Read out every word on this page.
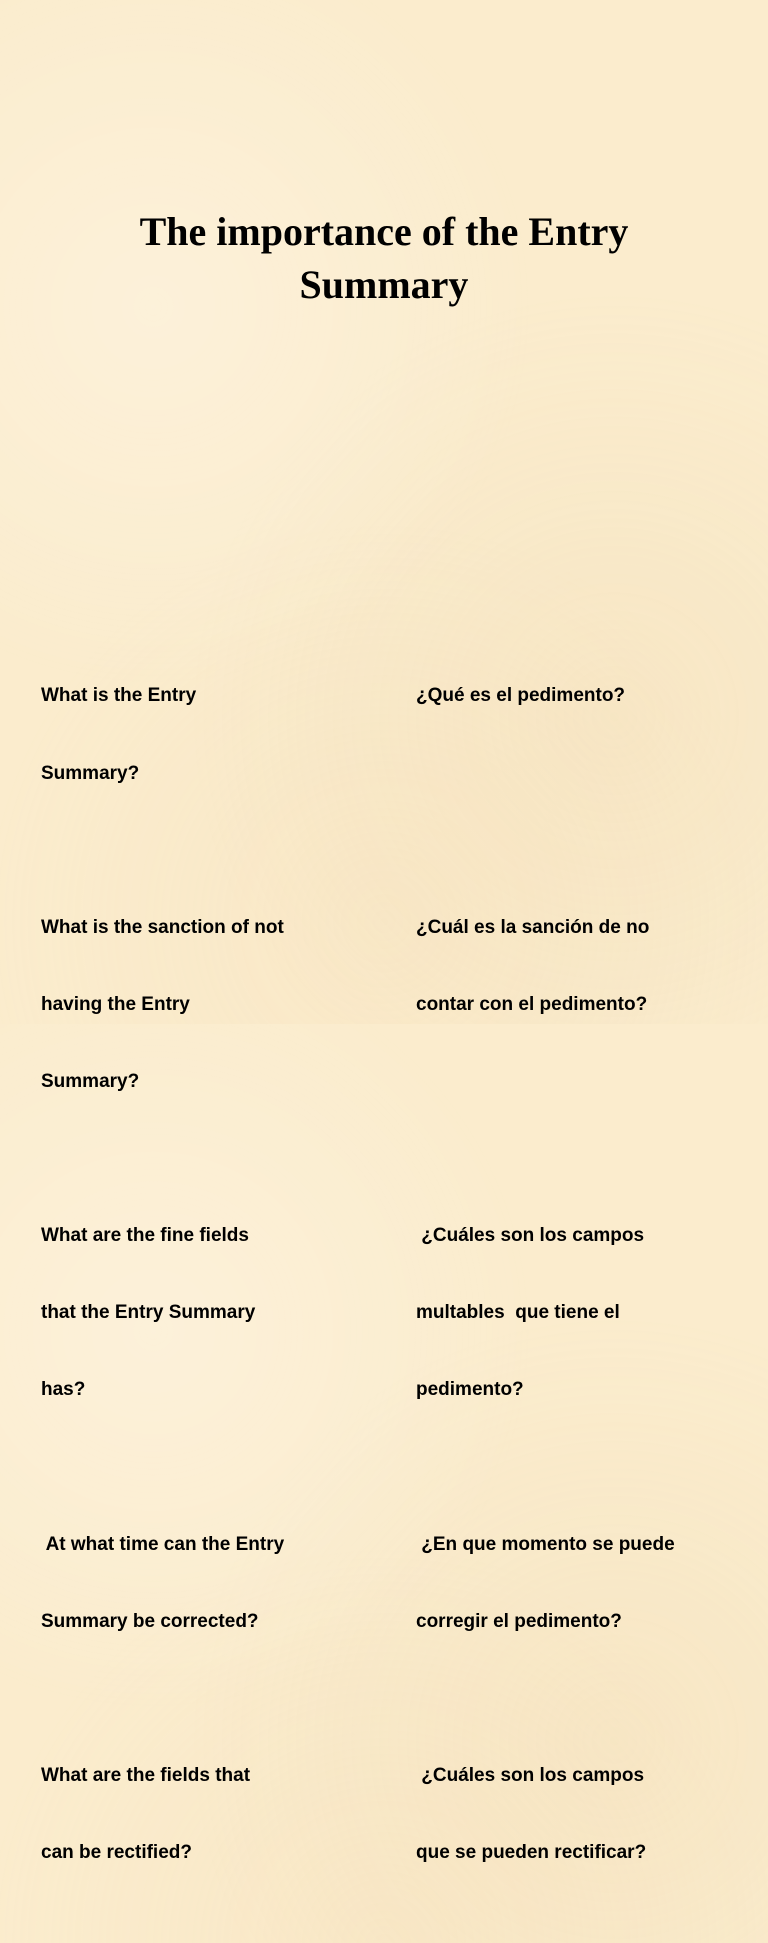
The importance of the Entry
Summary

What is the Entry

Summary?

What is the sanction of not

having the Entry

Summary?

What are the fine fields

that the Entry Summary

has?

At what time can the Entry

Summary be corrected?

What are the fields that

can be rectified?

¿Qué es el pedimento?

¿Cuál es la sanción de no

contar con el pedimento?

¿Cuáles son los campos

multables  que tiene el

pedimento?

¿En que momento se puede

corregir el pedimento?

¿Cuáles son los campos

que se pueden rectificar?
